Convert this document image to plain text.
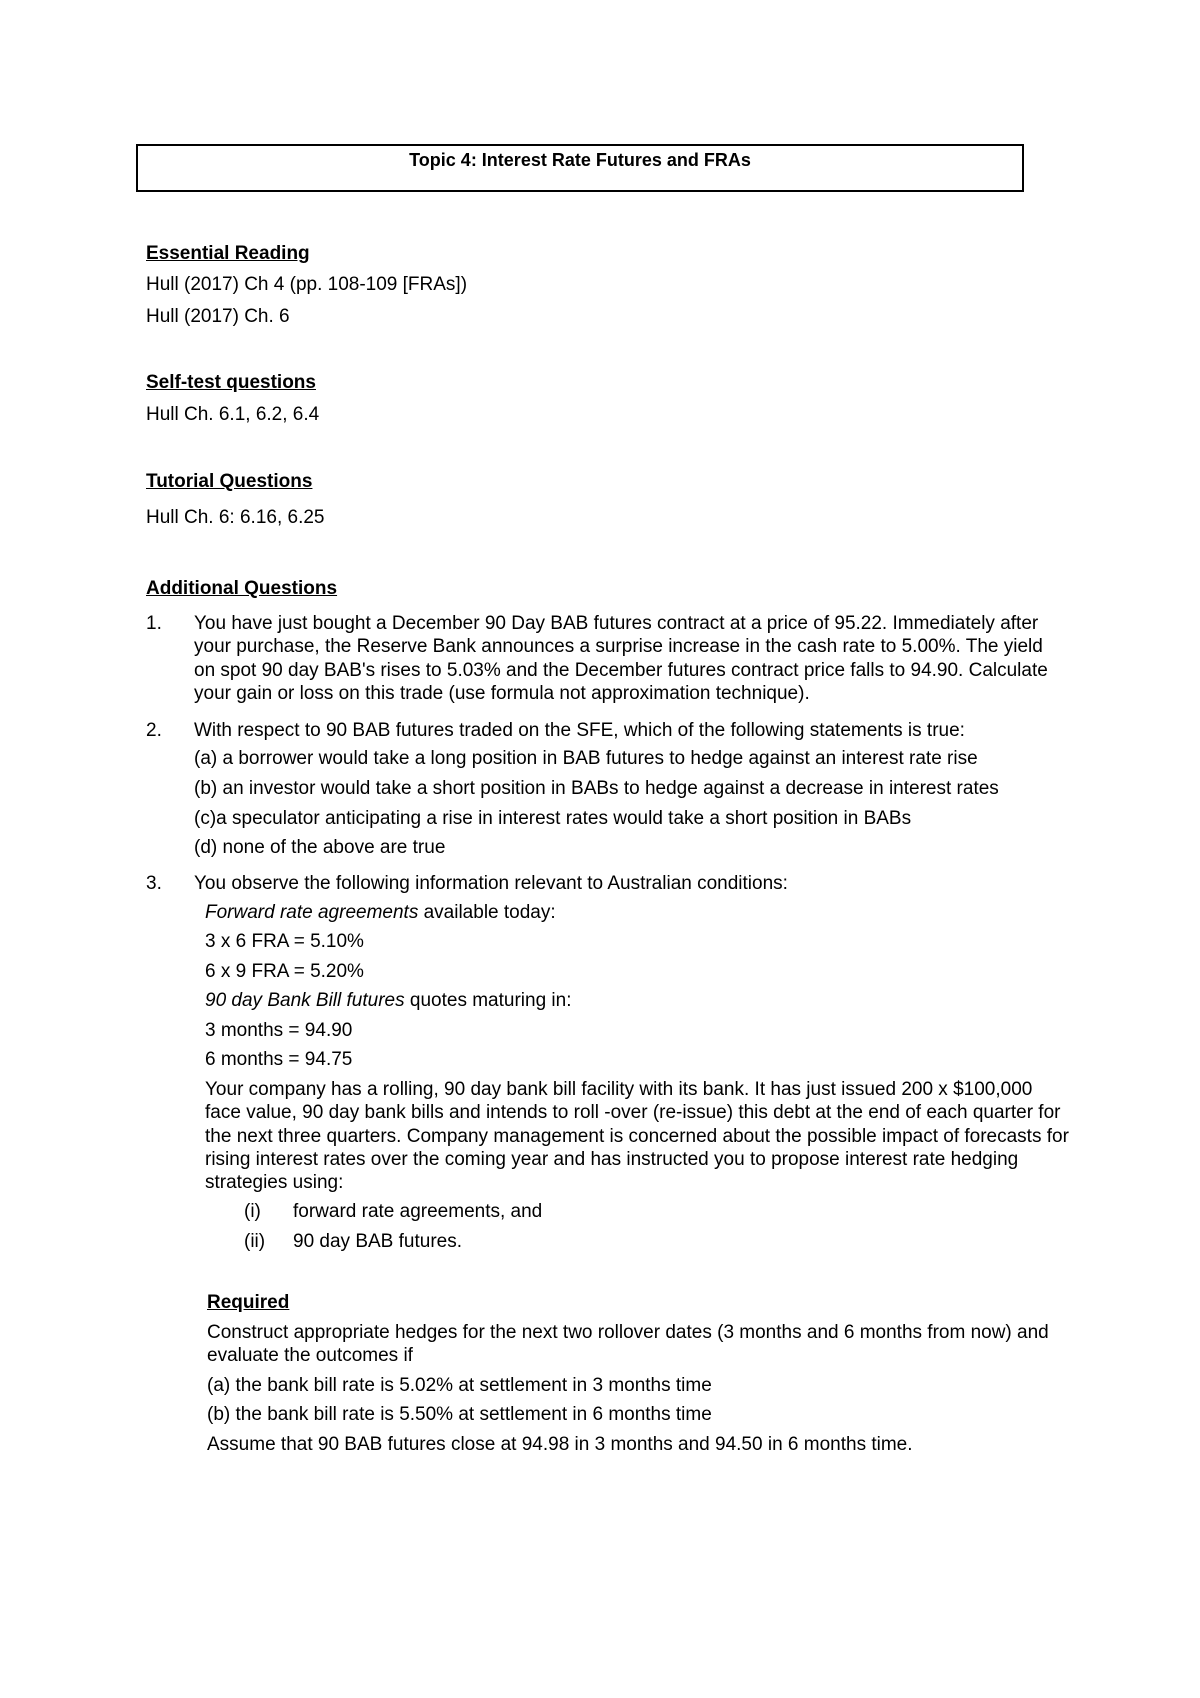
Topic 4: Interest Rate Futures and FRAs
Essential Reading
Hull (2017) Ch 4 (pp. 108-109 [FRAs])
Hull (2017) Ch. 6
Self-test questions
Hull Ch. 6.1, 6.2, 6.4
Tutorial Questions
Hull Ch. 6: 6.16, 6.25
Additional Questions
1. You have just bought a December 90 Day BAB futures contract at a price of 95.22. Immediately after your purchase, the Reserve Bank announces a surprise increase in the cash rate to 5.00%. The yield on spot 90 day BAB's rises to 5.03% and the December futures contract price falls to 94.90. Calculate your gain or loss on this trade (use formula not approximation technique).
2. With respect to 90 BAB futures traded on the SFE, which of the following statements is true:
(a) a borrower would take a long position in BAB futures to hedge against an interest rate rise
(b) an investor would take a short position in BABs to hedge against a decrease in interest rates
(c)a speculator anticipating a rise in interest rates would take a short position in BABs
(d) none of the above are true
3. You observe the following information relevant to Australian conditions:
Forward rate agreements available today:
3 x 6 FRA = 5.10%
6 x 9 FRA = 5.20%
90 day Bank Bill futures quotes maturing in:
3 months = 94.90
6 months = 94.75
Your company has a rolling, 90 day bank bill facility with its bank. It has just issued 200 x $100,000 face value, 90 day bank bills and intends to roll -over (re-issue) this debt at the end of each quarter for the next three quarters. Company management is concerned about the possible impact of forecasts for rising interest rates over the coming year and has instructed you to propose interest rate hedging strategies using:
(i) forward rate agreements, and
(ii) 90 day BAB futures.
Required
Construct appropriate hedges for the next two rollover dates (3 months and 6 months from now) and evaluate the outcomes if
(a) the bank bill rate is 5.02% at settlement in 3 months time
(b) the bank bill rate is 5.50% at settlement in 6 months time
Assume that 90 BAB futures close at 94.98 in 3 months and 94.50 in 6 months time.
